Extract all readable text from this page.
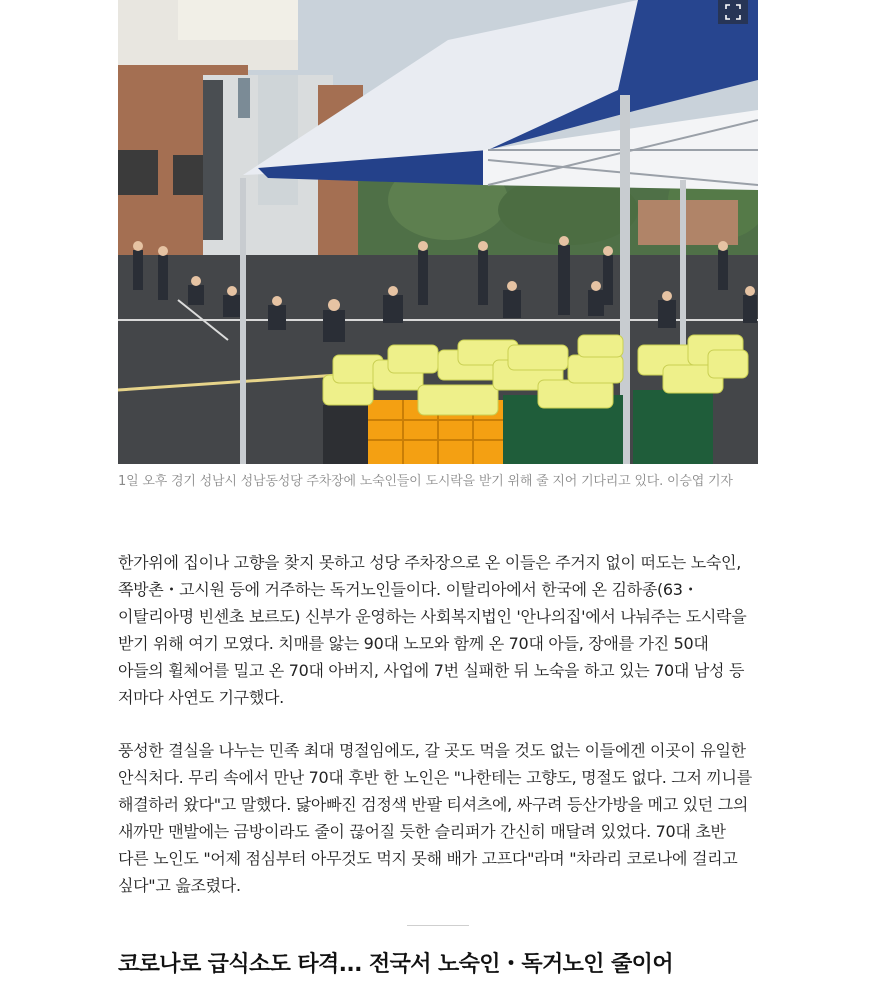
1일 오후 경기 성남시 성남동성당 주차장에 노숙인들이 도시락을 받기 위해 줄 지어 기다리고 있다. 이승엽 기자

한가위에 집이나 고향을 찾지 못하고 성당 주차장으로 온 이들은 주거지 없이 떠도는 노숙인, 쪽방촌・고시원 등에 거주하는 독거노인들이다. 이탈리아에서 한국에 온 김하종(63・이탈리아명 빈센초 보르도) 신부가 운영하는 사회복지법인 '안나의집'에서 나눠주는 도시락을 받기 위해 여기 모였다. 치매를 앓는 90대 노모와 함께 온 70대 아들, 장애를 가진 50대 아들의 휠체어를 밀고 온 70대 아버지, 사업에 7번 실패한 뒤 노숙을 하고 있는 70대 남성 등 저마다 사연도 기구했다.

풍성한 결실을 나누는 민족 최대 명절임에도, 갈 곳도 먹을 것도 없는 이들에겐 이곳이 유일한 안식처다. 무리 속에서 만난 70대 후반 한 노인은 "나한테는 고향도, 명절도 없다. 그저 끼니를 해결하러 왔다"고 말했다. 닳아빠진 검정색 반팔 티셔츠에, 싸구려 등산가방을 메고 있던 그의 새까만 맨발에는 금방이라도 줄이 끊어질 듯한 슬리퍼가 간신히 매달려 있었다. 70대 초반 다른 노인도 "어제 점심부터 아무것도 먹지 못해 배가 고프다"라며 "차라리 코로나에 걸리고 싶다"고 읊조렸다.

코로나로 급식소도 타격... 전국서 노숙인・독거노인 줄이어
